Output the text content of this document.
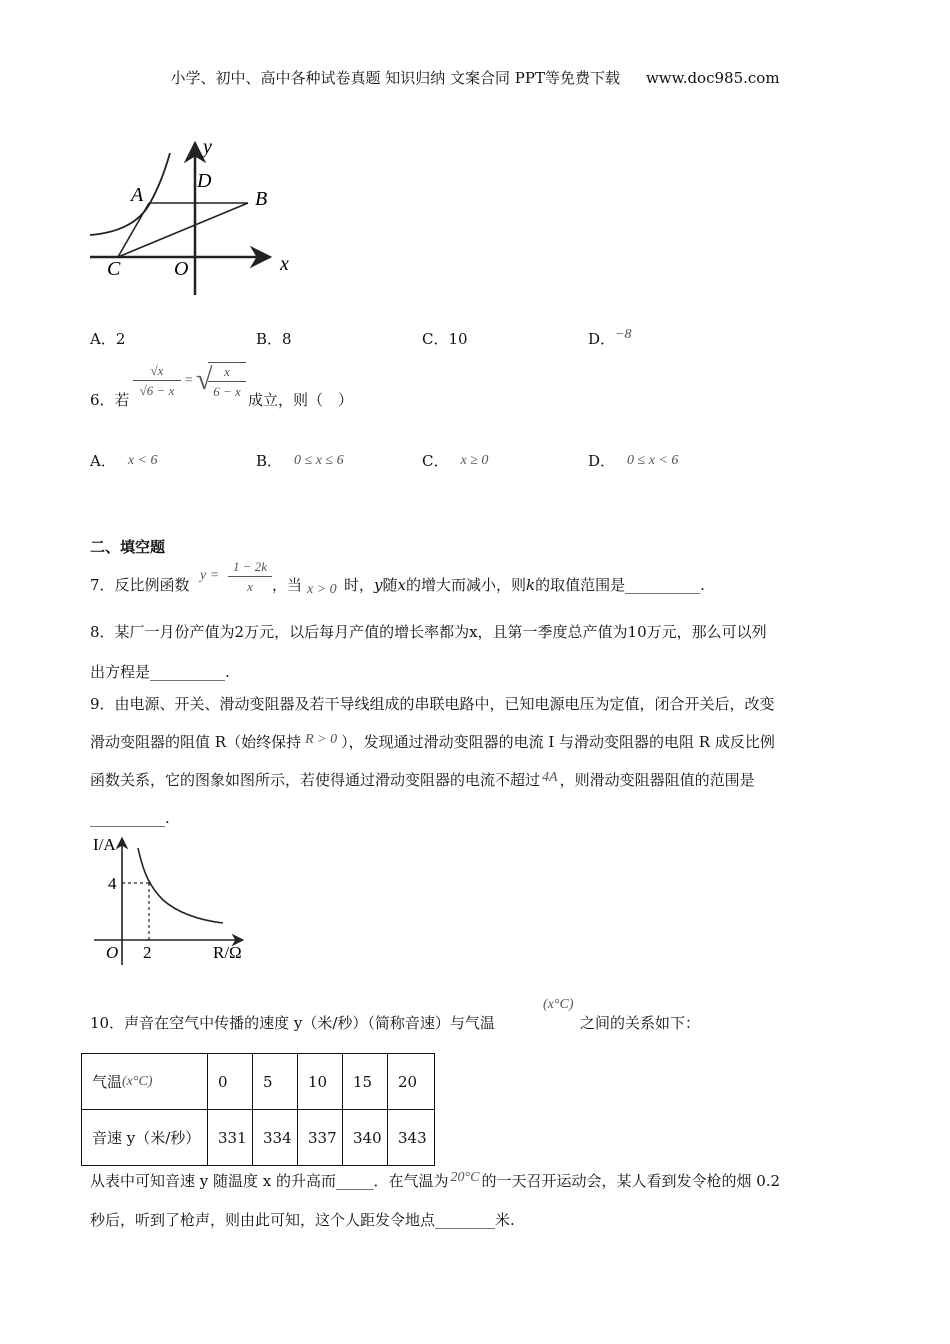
小学、初中、高中各种试卷真题 知识归纳 文案合同 PPT等免费下载 www.doc985.com
y
x
A	B
C
D
O
A．2	B．8	C．10	D．−8
6．若
√x
√6 − x
= √ x
6 − x 成立，则（　）
A． x < 6	B． 0 ≤ x ≤ 6	C． x ≥ 0	D． 0 ≤ x < 6
二、填空题
7．反比例函数
y =
1 − 2k
x	，当 x > 0 时，y随x的增大而减小，则k的取值范围是__________.
8．某厂一月份产值为2万元，以后每月产值的增长率都为x，且第一季度总产值为10万元，那么可以列
出方程是__________.
9．由电源、开关、滑动变阻器及若干导线组成的串联电路中，已知电源电压为定值，闭合开关后，改变
滑动变阻器的阻值 R（始终保持 R > 0 ），发现通过滑动变阻器的电流 I 与滑动变阻器的电阻 R 成反比例
函数关系，它的图象如图所示，若使得通过滑动变阻器的电流不超过 4A ，则滑动变阻器阻值的范围是
__________.
I/A
R/Ω
O
4
2
10．声音在空气中传播的速度 y（米/秒）（简称音速）与气温
(x°C)
之间的关系如下：
气温(x°C)	0	5	10	15	20
音速 y（米/秒）	331	334	337	340	343
从表中可知音速 y 随温度 x 的升高而_____．在气温为 20°C 的一天召开运动会，某人看到发令枪的烟 0.2
秒后，听到了枪声，则由此可知，这个人距发令地点________米.
